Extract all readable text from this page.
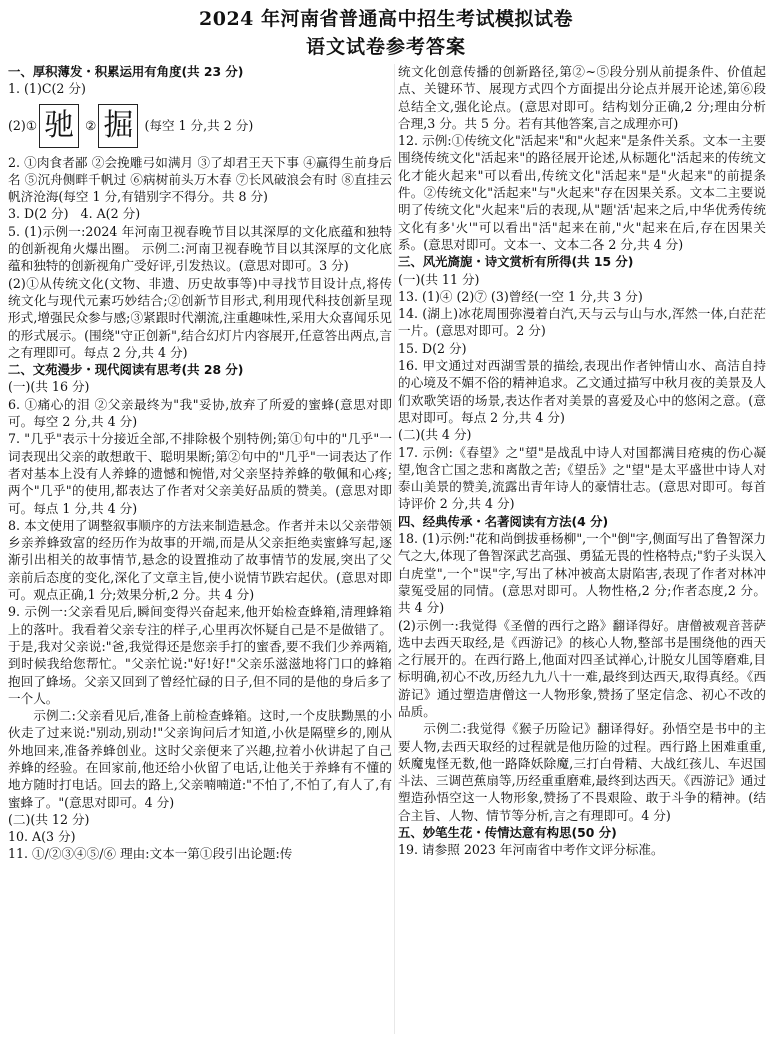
2024 年河南省普通高中招生考试模拟试卷
语文试卷参考答案
一、厚积薄发・积累运用有角度(共 23 分)
1. (1)C(2 分)
(2)① 驰 ② 掘 (每空 1 分,共 2 分)
2. ①肉食者鄙 ②会挽雕弓如满月 ③了却君王天下事 ④赢得生前身后名 ⑤沉舟侧畔千帆过 ⑥病树前头万木春 ⑦长风破浪会有时 ⑧直挂云帆济沧海(每空 1 分,有错别字不得分。共 8 分)
3. D(2 分)   4. A(2 分)
5. (1)示例一:2024 年河南卫视春晚节目以其深厚的文化底蕴和独特的创新视角火爆出圈。 示例二:河南卫视春晚节目以其深厚的文化底蕴和独特的创新视角广受好评,引发热议。(意思对即可。3 分)
(2)①从传统文化(文物、非遗、历史故事等)中寻找节目设计点,将传统文化与现代元素巧妙结合;②创新节目形式,利用现代科技创新呈现形式,增强民众参与感;③紧跟时代潮流,注重趣味性,采用大众喜闻乐见的形式展示。(围绕"守正创新",结合幻灯片内容展开,任意答出两点,言之有理即可。每点 2 分,共 4 分)
二、文苑漫步・现代阅读有思考(共 28 分)
(一)(共 16 分)
6. ①痛心的泪 ②父亲最终为"我"妥协,放弃了所爱的蜜蜂(意思对即可。每空 2 分,共 4 分)
7. "几乎"表示十分接近全部,不排除极个别特例;第①句中的"几乎"一词表现出父亲的敢想敢干、聪明果断;第②句中的"几乎"一词表达了作者对基本上没有人养蜂的遗憾和惋惜,对父亲坚持养蜂的敬佩和心疼;两个"几乎"的使用,都表达了作者对父亲美好品质的赞美。(意思对即可。每点 1 分,共 4 分)
8. 本文使用了调整叙事顺序的方法来制造悬念。作者并未以父亲带领乡亲养蜂致富的经历作为故事的开端,而是从父亲拒绝卖蜜蜂写起,逐渐引出相关的故事情节,悬念的设置推动了故事情节的发展,突出了父亲前后态度的变化,深化了文章主旨,使小说情节跌宕起伏。(意思对即可。观点正确,1 分;效果分析,2 分。共 4 分)
9. 示例一:父亲看见后,瞬间变得兴奋起来,他开始检查蜂箱,清理蜂箱上的落叶。我看着父亲专注的样子,心里再次怀疑自己是不是做错了。于是,我对父亲说:"爸,我觉得还是您亲手打的蜜香,要不我们少养两箱,到时候我给您帮忙。"父亲忙说:"好!好!"父亲乐滋滋地将门口的蜂箱抱回了蜂场。父亲又回到了曾经忙碌的日子,但不同的是他的身后多了一个人。
示例二:父亲看见后,准备上前检查蜂箱。这时,一个皮肤黝黑的小伙走了过来说:"别动,别动!"父亲询问后才知道,小伙是隔壁乡的,刚从外地回来,准备养蜂创业。这时父亲便来了兴趣,拉着小伙讲起了自己养蜂的经验。在回家前,他还给小伙留了电话,让他关于养蜂有不懂的地方随时打电话。回去的路上,父亲喃喃道:"不怕了,不怕了,有人了,有蜜蜂了。"(意思对即可。4 分)
(二)(共 12 分)
10. A(3 分)
11. ①/②③④⑤/⑥ 理由:文本一第①段引出论题:传
统文化创意传播的创新路径,第②~⑤段分别从前提条件、价值起点、关键环节、展现方式四个方面提出分论点并展开论述,第⑥段总结全文,强化论点。(意思对即可。结构划分正确,2 分;理由分析合理,3 分。共 5 分。若有其他答案,言之成理亦可)
12. 示例:①传统文化"活起来"和"火起来"是条件关系。文本一主要围绕传统文化"活起来"的路径展开论述,从标题化"活起来的传统文化才能火起来"可以看出,传统文化"活起来"是"火起来"的前提条件。②传统文化"活起来"与"火起来"存在因果关系。文本二主要说明了传统文化"火起来"后的表现,从"题'活'起来之后,中华优秀传统文化有多'火'"可以看出"活"起来在前,"火"起来在后,存在因果关系。(意思对即可。文本一、文本二各 2 分,共 4 分)
三、风光旖旎・诗文赏析有所得(共 15 分)
(一)(共 11 分)
13. (1)④ (2)⑦ (3)曾经(一空 1 分,共 3 分)
14. (湖上)冰花周围弥漫着白汽,天与云与山与水,浑然一体,白茫茫一片。(意思对即可。2 分)
15. D(2 分)
16. 甲文通过对西湖雪景的描绘,表现出作者钟情山水、高洁自持的心境及不媚不俗的精神追求。乙文通过描写中秋月夜的美景及人们欢歌笑语的场景,表达作者对美景的喜爱及心中的悠闲之意。(意思对即可。每点 2 分,共 4 分)
(二)(共 4 分)
17. 示例:《春望》之"望"是战乱中诗人对国都满目疮痍的伤心凝望,饱含亡国之悲和离散之苦;《望岳》之"望"是太平盛世中诗人对泰山美景的赞美,流露出青年诗人的豪情壮志。(意思对即可。每首诗评价 2 分,共 4 分)
四、经典传承・名著阅读有方法(4 分)
18. (1)示例:"花和尚倒拔垂杨柳",一个"倒"字,侧面写出了鲁智深力气之大,体现了鲁智深武艺高强、勇猛无畏的性格特点;"豹子头误入白虎堂",一个"误"字,写出了林冲被高太尉陷害,表现了作者对林冲蒙冤受屈的同情。(意思对即可。人物性格,2 分;作者态度,2 分。共 4 分)
(2)示例一:我觉得《圣僧的西行之路》翻译得好。唐僧被观音菩萨选中去西天取经,是《西游记》的核心人物,整部书是围绕他的西天之行展开的。在西行路上,他面对四圣试禅心,计脱女儿国等磨难,目标明确,初心不改,历经九九八十一难,最终到达西天,取得真经。《西游记》通过塑造唐僧这一人物形象,赞扬了坚定信念、初心不改的品质。
示例二:我觉得《猴子历险记》翻译得好。孙悟空是书中的主要人物,去西天取经的过程就是他历险的过程。西行路上困难重重,妖魔鬼怪无数,他一路降妖除魔,三打白骨精、大战红孩儿、车迟国斗法、三调芭蕉扇等,历经重重磨难,最终到达西天。《西游记》通过塑造孙悟空这一人物形象,赞扬了不畏艰险、敢于斗争的精神。(结合主旨、人物、情节等分析,言之有理即可。4 分)
五、妙笔生花・传情达意有构思(50 分)
19. 请参照 2023 年河南省中考作文评分标准。
